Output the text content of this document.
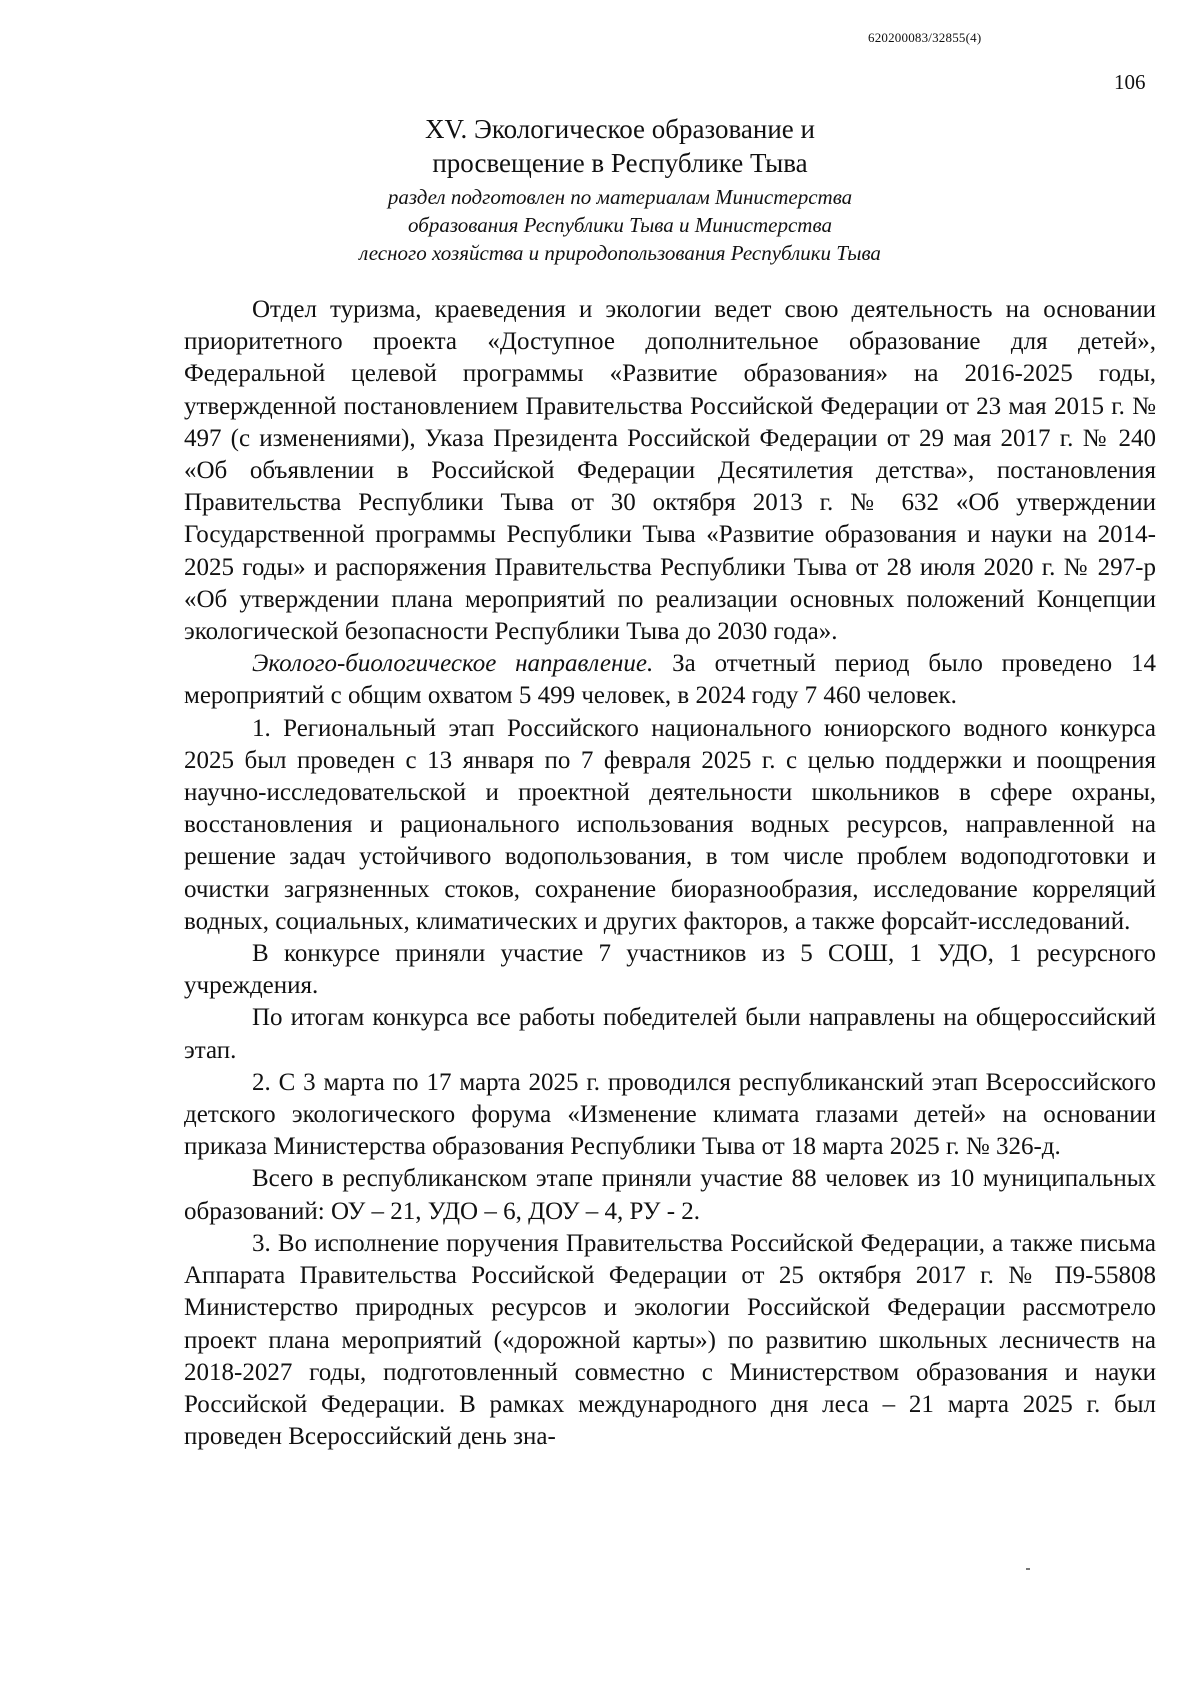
620200083/32855(4)
106
XV. Экологическое образование и
просвещение в Республике Тыва
раздел подготовлен по материалам Министерства
образования Республики Тыва и Министерства
лесного хозяйства и природопользования Республики Тыва

Отдел туризма, краеведения и экологии ведет свою деятельность на основании приоритетного проекта «Доступное дополнительное образование для детей», Федеральной целевой программы «Развитие образования» на 2016-2025 годы, утвержденной постановлением Правительства Российской Федерации от 23 мая 2015 г. № 497 (с изменениями), Указа Президента Российской Федерации от 29 мая 2017 г. № 240 «Об объявлении в Российской Федерации Десятилетия детства», постановления Правительства Республики Тыва от 30 октября 2013 г. № 632 «Об утверждении Государственной программы Республики Тыва «Развитие образования и науки на 2014-2025 годы» и распоряжения Правительства Республики Тыва от 28 июля 2020 г. № 297-р «Об утверждении плана мероприятий по реализации основных положений Концепции экологической безопасности Республики Тыва до 2030 года».

Эколого-биологическое направление. За отчетный период было проведено 14 мероприятий с общим охватом 5 499 человек, в 2024 году 7 460 человек.

1. Региональный этап Российского национального юниорского водного конкурса 2025 был проведен с 13 января по 7 февраля 2025 г. с целью поддержки и поощрения научно-исследовательской и проектной деятельности школьников в сфере охраны, восстановления и рационального использования водных ресурсов, направленной на решение задач устойчивого водопользования, в том числе проблем водоподготовки и очистки загрязненных стоков, сохранение биоразнообразия, исследование корреляций водных, социальных, климатических и других факторов, а также форсайт-исследований.

В конкурсе приняли участие 7 участников из 5 СОШ, 1 УДО, 1 ресурсного учреждения.

По итогам конкурса все работы победителей были направлены на общероссийский этап.

2. С 3 марта по 17 марта 2025 г. проводился республиканский этап Всероссийского детского экологического форума «Изменение климата глазами детей» на основании приказа Министерства образования Республики Тыва от 18 марта 2025 г. № 326-д.

Всего в республиканском этапе приняли участие 88 человек из 10 муниципальных образований: ОУ – 21, УДО – 6, ДОУ – 4, РУ - 2.

3. Во исполнение поручения Правительства Российской Федерации, а также письма Аппарата Правительства Российской Федерации от 25 октября 2017 г. № П9-55808 Министерство природных ресурсов и экологии Российской Федерации рассмотрело проект плана мероприятий («дорожной карты») по развитию школьных лесничеств на 2018-2027 годы, подготовленный совместно с Министерством образования и науки Российской Федерации. В рамках международного дня леса – 21 марта 2025 г. был проведен Всероссийский день зна-
